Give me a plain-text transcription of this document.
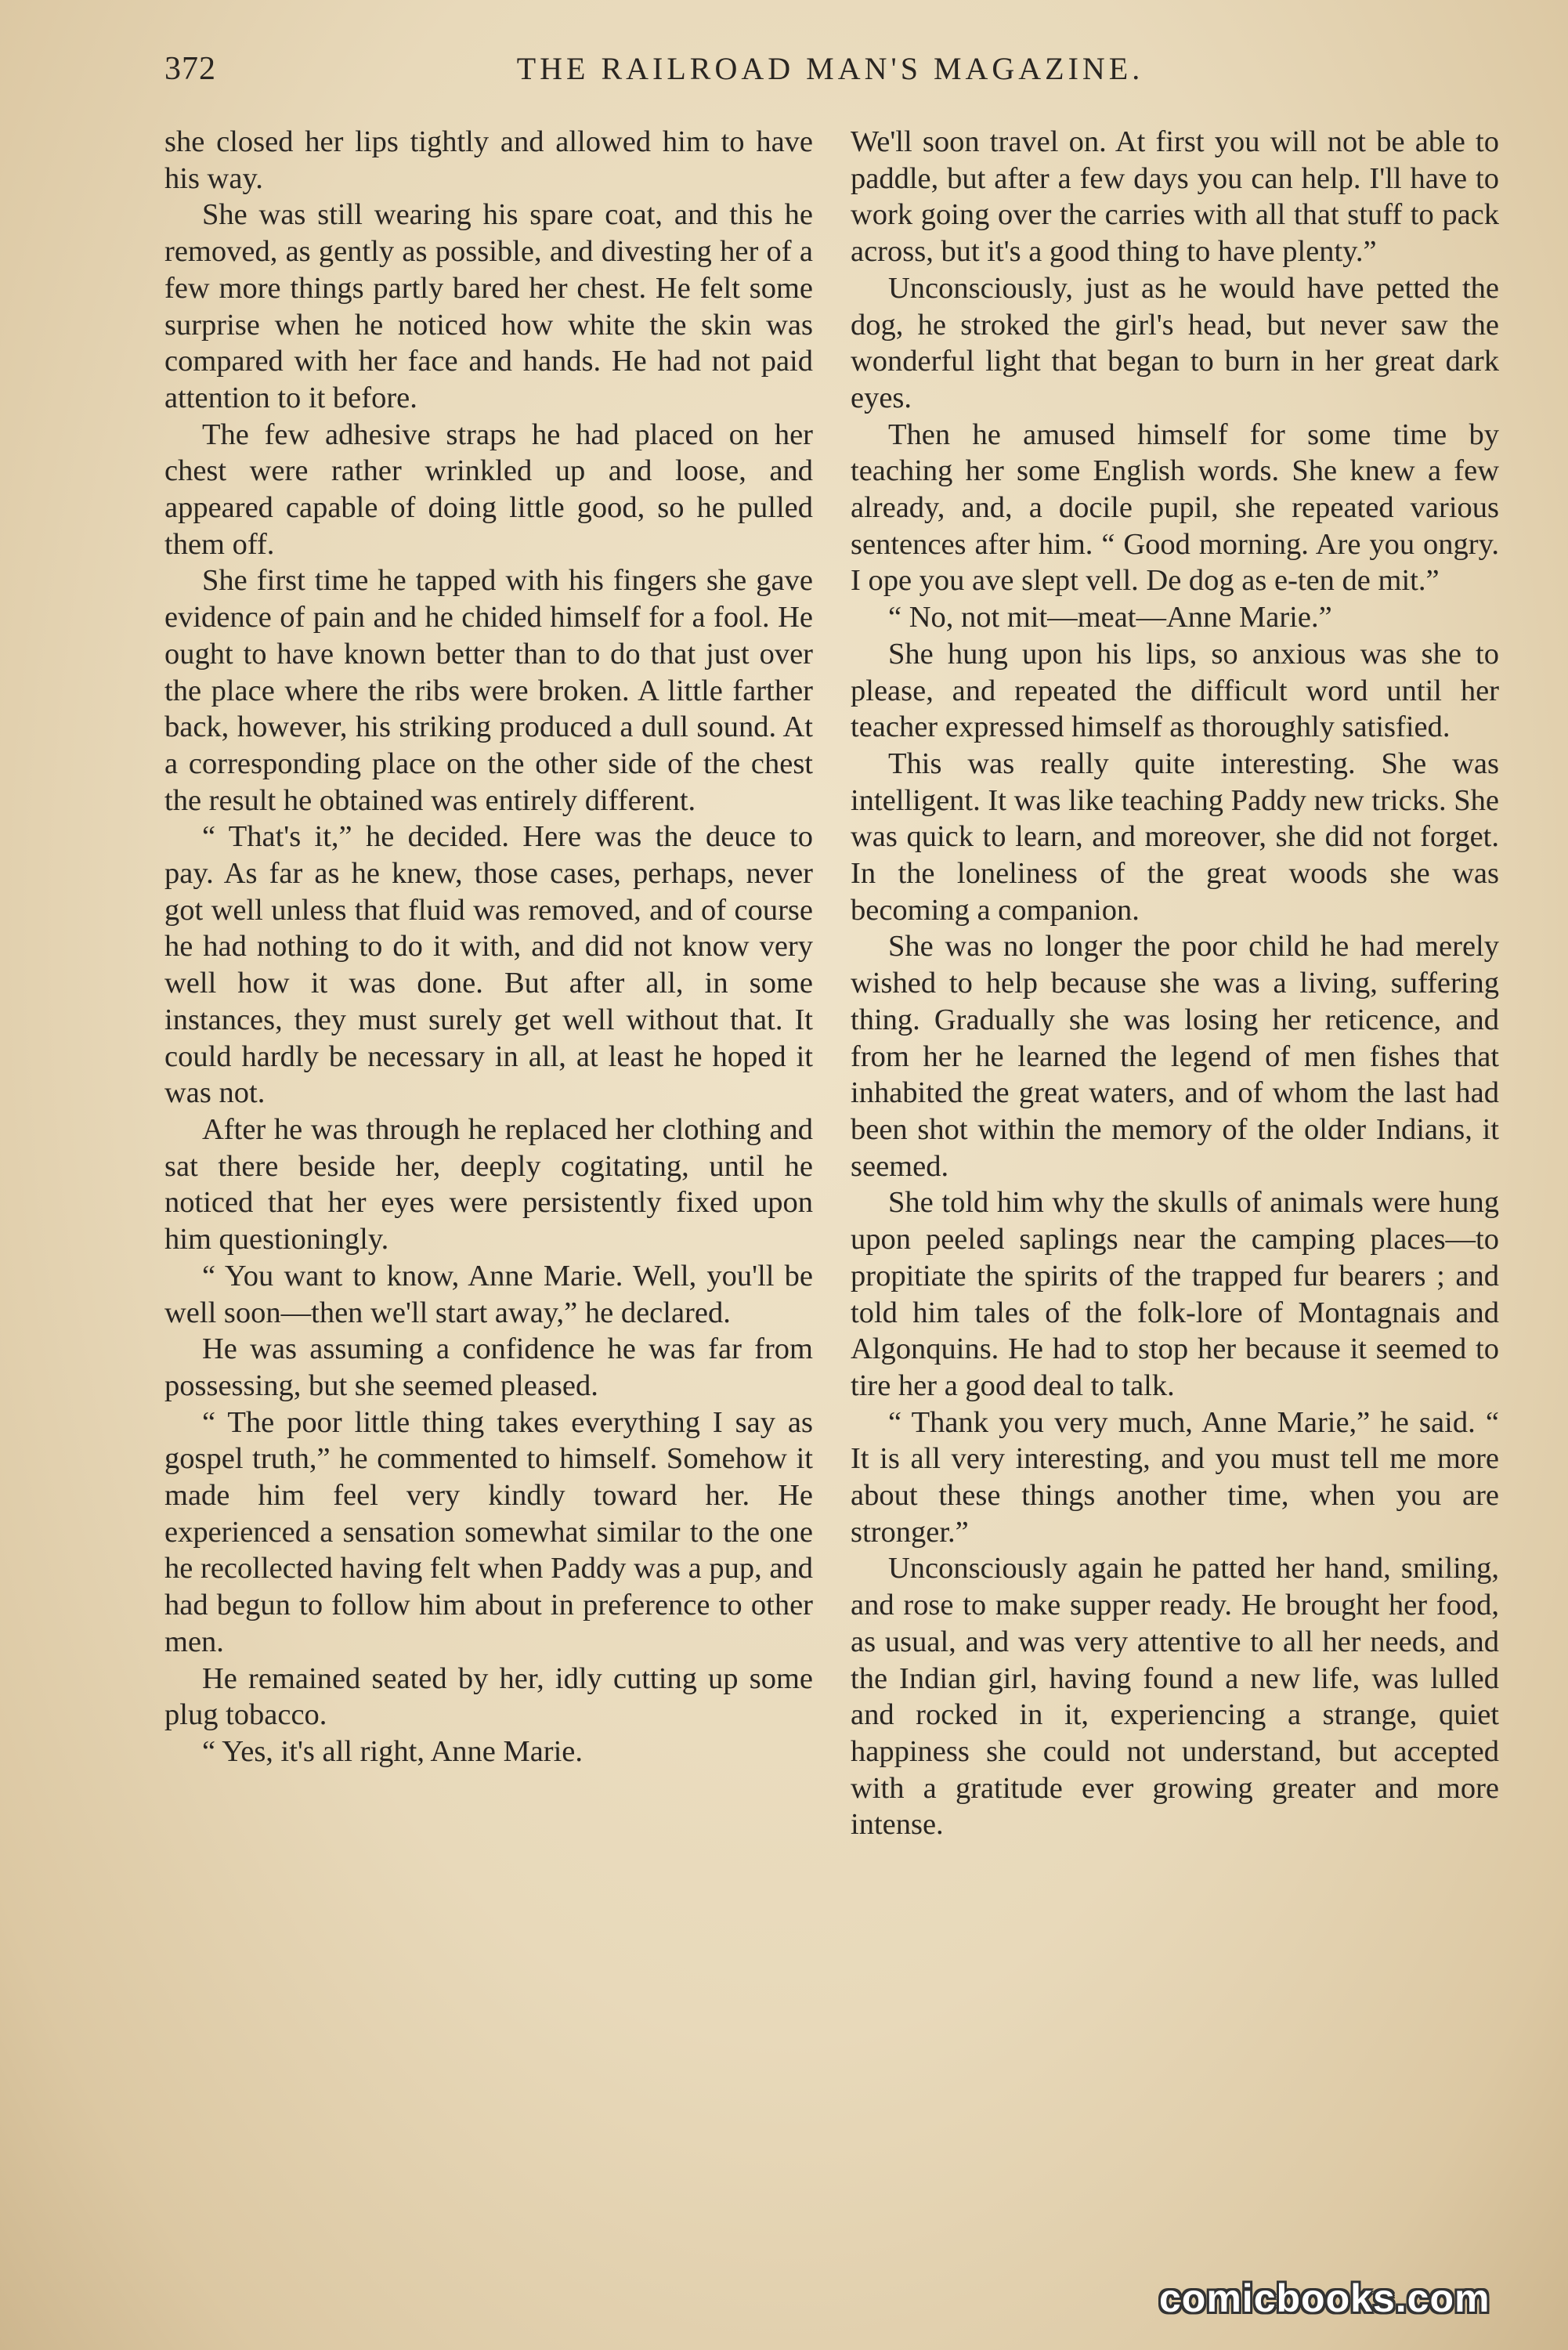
372	THE RAILROAD MAN'S MAGAZINE.

she closed her lips tightly and allowed him to have his way.

She was still wearing his spare coat, and this he removed, as gently as possible, and divesting her of a few more things partly bared her chest. He felt some surprise when he noticed how white the skin was compared with her face and hands. He had not paid attention to it before.

The few adhesive straps he had placed on her chest were rather wrinkled up and loose, and appeared capable of doing little good, so he pulled them off.

She first time he tapped with his fingers she gave evidence of pain and he chided himself for a fool. He ought to have known better than to do that just over the place where the ribs were broken. A little farther back, however, his striking produced a dull sound. At a corresponding place on the other side of the chest the result he obtained was entirely different.

“ That's it,” he decided. Here was the deuce to pay. As far as he knew, those cases, perhaps, never got well unless that fluid was removed, and of course he had nothing to do it with, and did not know very well how it was done. But after all, in some instances, they must surely get well without that. It could hardly be necessary in all, at least he hoped it was not.

After he was through he replaced her clothing and sat there beside her, deeply cogitating, until he noticed that her eyes were persistently fixed upon him questioningly.

“ You want to know, Anne Marie. Well, you'll be well soon—then we'll start away,” he declared.

He was assuming a confidence he was far from possessing, but she seemed pleased.

“ The poor little thing takes everything I say as gospel truth,” he commented to himself. Somehow it made him feel very kindly toward her. He experienced a sensation somewhat similar to the one he recollected having felt when Paddy was a pup, and had begun to follow him about in preference to other men.

He remained seated by her, idly cutting up some plug tobacco.

“ Yes, it's all right, Anne Marie.

We'll soon travel on. At first you will not be able to paddle, but after a few days you can help. I'll have to work going over the carries with all that stuff to pack across, but it's a good thing to have plenty.”

Unconsciously, just as he would have petted the dog, he stroked the girl's head, but never saw the wonderful light that began to burn in her great dark eyes.

Then he amused himself for some time by teaching her some English words. She knew a few already, and, a docile pupil, she repeated various sentences after him. “ Good morning. Are you ongry. I ope you ave slept vell. De dog as e-ten de mit.”

“ No, not mit—meat—Anne Marie.”

She hung upon his lips, so anxious was she to please, and repeated the difficult word until her teacher expressed himself as thoroughly satisfied.

This was really quite interesting. She was intelligent. It was like teaching Paddy new tricks. She was quick to learn, and moreover, she did not forget. In the loneliness of the great woods she was becoming a companion.

She was no longer the poor child he had merely wished to help because she was a living, suffering thing. Gradually she was losing her reticence, and from her he learned the legend of men fishes that inhabited the great waters, and of whom the last had been shot within the memory of the older Indians, it seemed.

She told him why the skulls of animals were hung upon peeled saplings near the camping places—to propitiate the spirits of the trapped fur bearers ; and told him tales of the folk-lore of Montagnais and Algonquins. He had to stop her because it seemed to tire her a good deal to talk.

“ Thank you very much, Anne Marie,” he said. “ It is all very interesting, and you must tell me more about these things another time, when you are stronger.”

Unconsciously again he patted her hand, smiling, and rose to make supper ready. He brought her food, as usual, and was very attentive to all her needs, and the Indian girl, having found a new life, was lulled and rocked in it, experiencing a strange, quiet happiness she could not understand, but accepted with a gratitude ever growing greater and more intense.

comicbooks.com
